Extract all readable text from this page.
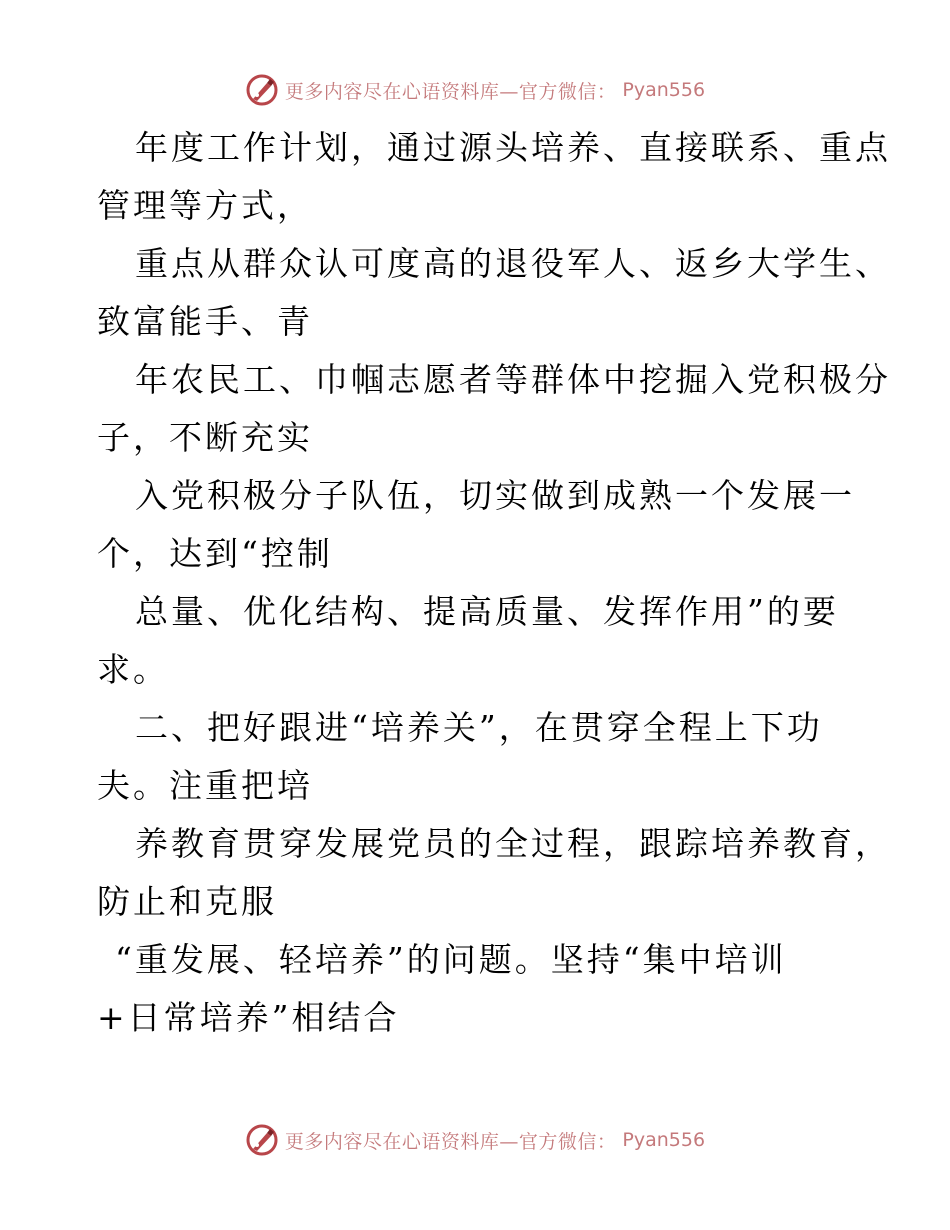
更多内容尽在心语资料库—官方微信： Pyan556
年度工作计划，通过源头培养、直接联系、重点
管理等方式，
重点从群众认可度高的退役军人、返乡大学生、
致富能手、青
年农民工、巾帼志愿者等群体中挖掘入党积极分
子，不断充实
入党积极分子队伍，切实做到成熟一个发展一
个，达到“控制
总量、优化结构、提高质量、发挥作用”的要
求。
二、把好跟进“培养关”，在贯穿全程上下功
夫。注重把培
养教育贯穿发展党员的全过程，跟踪培养教育，
防止和克服
“重发展、轻培养”的问题。坚持“集中培训
+日常培养”相结合
更多内容尽在心语资料库—官方微信： Pyan556
